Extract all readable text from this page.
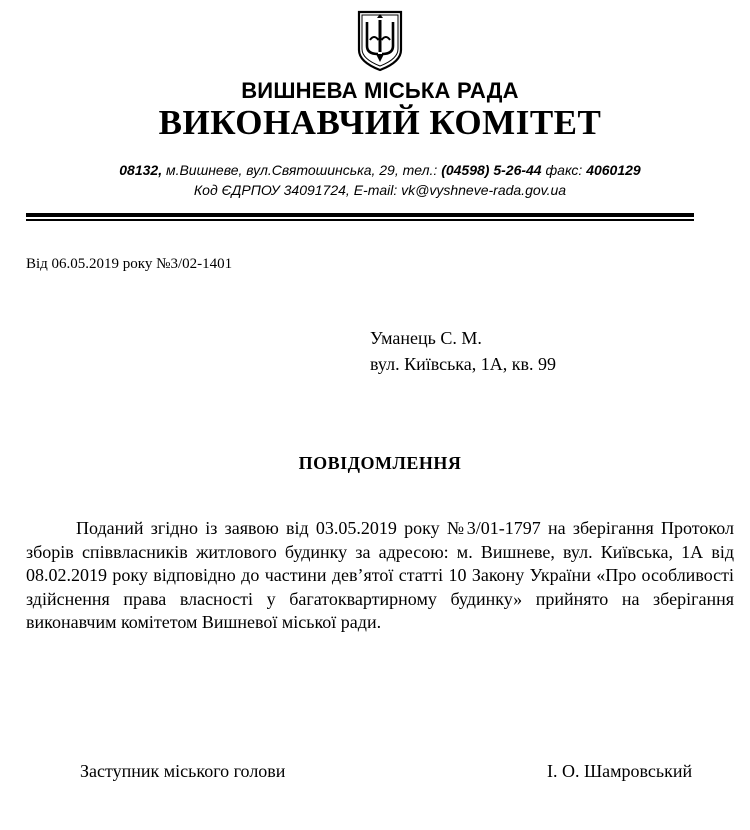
ВИШНЕВА МІСЬКА РАДА
ВИКОНАВЧИЙ КОМІТЕТ
08132, м.Вишневе, вул.Святошинська, 29, тел.: (04598) 5-26-44 факс: 4060129
Код ЄДРПОУ 34091724, E-mail: vk@vyshneve-rada.gov.ua
Від 06.05.2019 року №3/02-1401
Уманець С. М.
вул. Київська, 1А, кв. 99
ПОВІДОМЛЕННЯ

Поданий згідно із заявою від 03.05.2019 року №3/01-1797 на зберігання Протокол зборів співвласників житлового будинку за адресою: м. Вишневе, вул. Київська, 1А від 08.02.2019 року відповідно до частини дев’ятої статті 10 Закону України «Про особливості здійснення права власності у багатоквартирному будинку» прийнято на зберігання виконавчим комітетом Вишневої міської ради.

Заступник міського голови	І. О. Шамровський
